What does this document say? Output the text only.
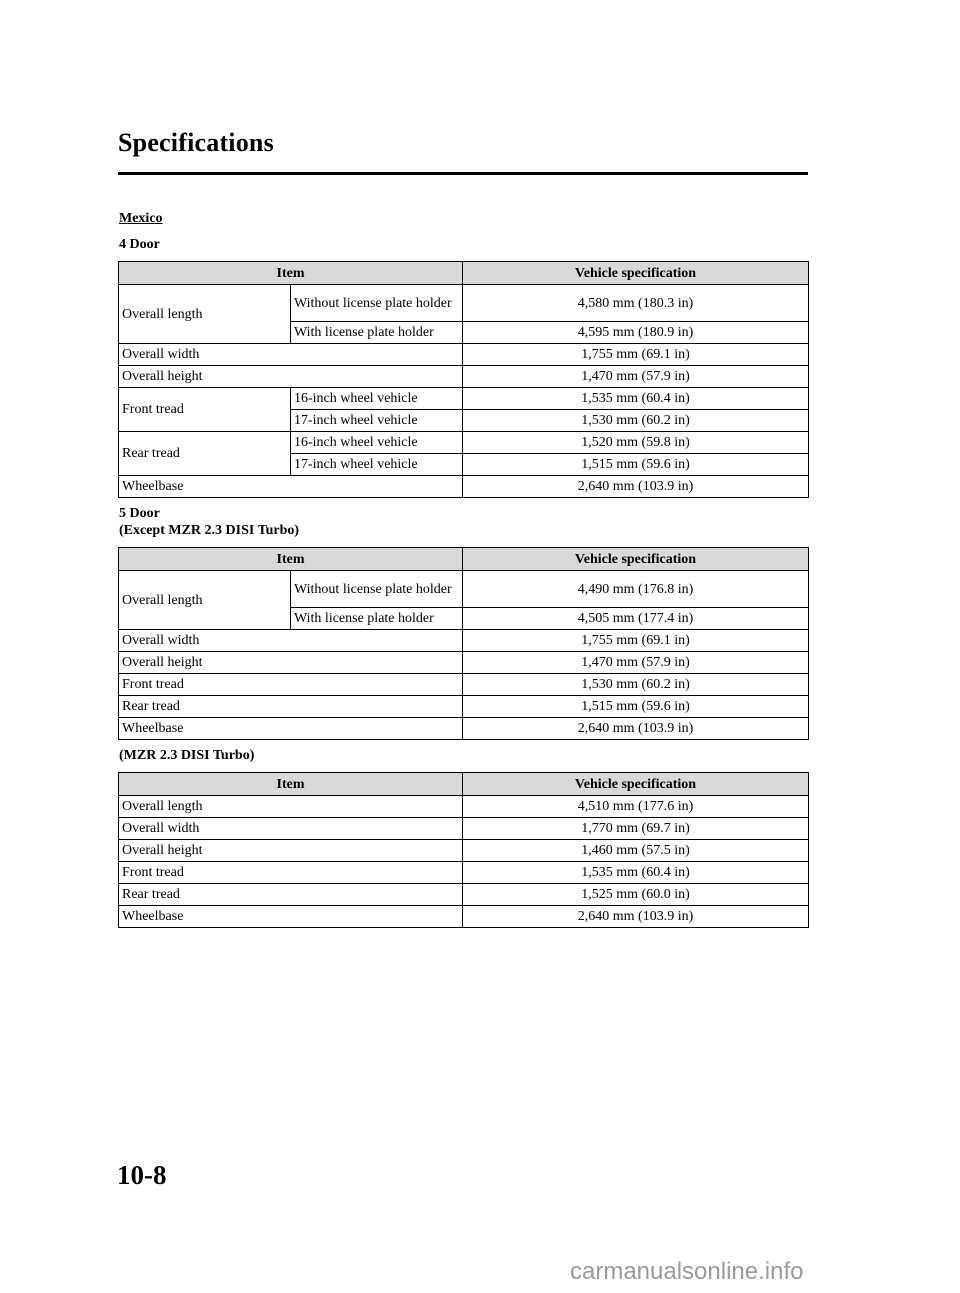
Specifications
Mexico
4 Door
Item		Vehicle specification
Overall length	Without license plate holder	4,580 mm (180.3 in)
	With license plate holder	4,595 mm (180.9 in)
Overall width		1,755 mm (69.1 in)
Overall height		1,470 mm (57.9 in)
Front tread	16-inch wheel vehicle	1,535 mm (60.4 in)
	17-inch wheel vehicle	1,530 mm (60.2 in)
Rear tread	16-inch wheel vehicle	1,520 mm (59.8 in)
	17-inch wheel vehicle	1,515 mm (59.6 in)
Wheelbase		2,640 mm (103.9 in)
5 Door
(Except MZR 2.3 DISI Turbo)
Item		Vehicle specification
Overall length	Without license plate holder	4,490 mm (176.8 in)
	With license plate holder	4,505 mm (177.4 in)
Overall width		1,755 mm (69.1 in)
Overall height		1,470 mm (57.9 in)
Front tread		1,530 mm (60.2 in)
Rear tread		1,515 mm (59.6 in)
Wheelbase		2,640 mm (103.9 in)
(MZR 2.3 DISI Turbo)
Item	Vehicle specification
Overall length	4,510 mm (177.6 in)
Overall width	1,770 mm (69.7 in)
Overall height	1,460 mm (57.5 in)
Front tread	1,535 mm (60.4 in)
Rear tread	1,525 mm (60.0 in)
Wheelbase	2,640 mm (103.9 in)
10-8
carmanualsonline.info
